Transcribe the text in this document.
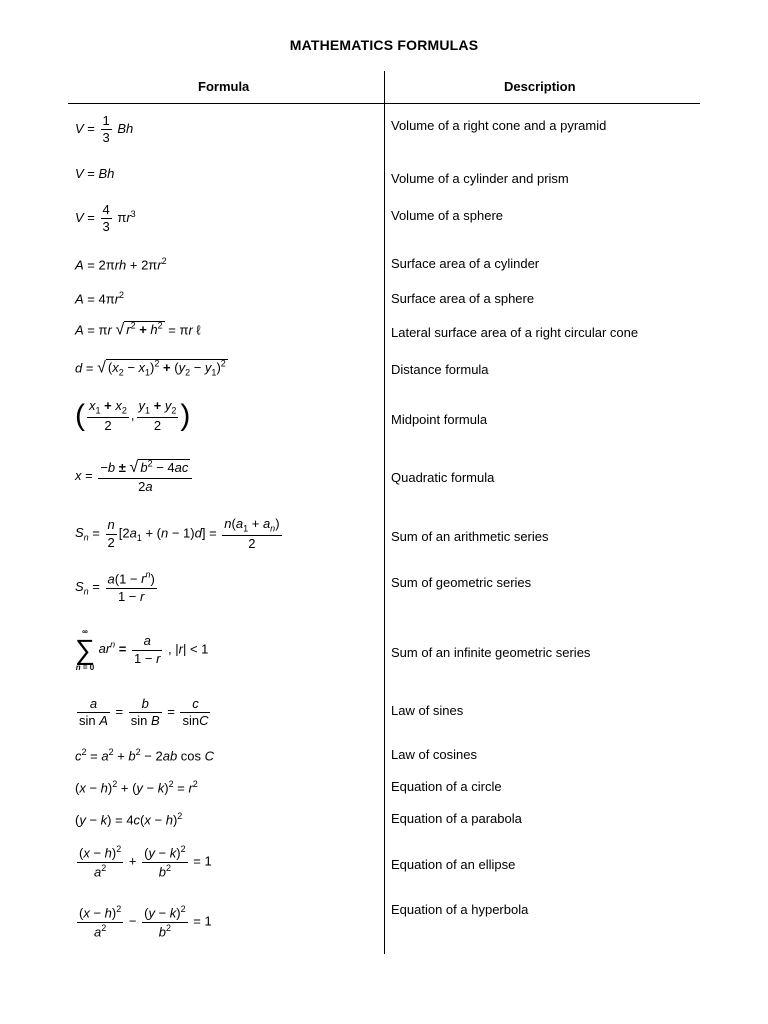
MATHEMATICS FORMULAS
Formula	Description
Volume of a right cone and a pyramid
Volume of a cylinder and prism
Volume of a sphere
Surface area of a cylinder
Surface area of a sphere
Lateral surface area of a right circular cone
Distance formula
Midpoint formula
Quadratic formula
Sum of an arithmetic series
Sum of geometric series
Sum of an infinite geometric series
Law of sines
Law of cosines
Equation of a circle
Equation of a parabola
Equation of an ellipse
Equation of a hyperbola
$V = \frac{1}{3}$ Bh
V = Bh
$V = \frac{4}{3} \pi r^3$
$A = 2\pi rh + 2\pi r^2$
$A = 4\pi r^2$
A = πr √ $r^2 + h^2 = \pi r$ ℓ
d = √ $(x_2 - x_1)^2 + (y_2 - y_1)^2$
( $\frac{x_1 + x_2}{2}$ , $\frac{y_1 + y_2}{2}$ )
$x = \frac{-b \pm √ b^2 - 4ac}{2a}$
$S_n = \frac{n}{2} [2a_1 + (n - 1)d] = \frac{n(a_1 + a_n)}{2}$
$S_n = \frac{a(1 - r^n)}{1 - r}$
∞
∑
n = 0
$ar^n = \frac{a}{1 - r}$ , |r| < 1
$\frac{a}{\text{sin A}} = \frac{b}{\text{sin B}} = \frac{c}{\sin C}$
$c^2 = a^2 + b^2 - 2ab$ cos C
$(x - h)^2 + (y - k)^2 = r^2$
$(y - k) = 4c(x - h)^2$
$\frac{(x - h)^2}{a^2} + \frac{(y - k)^2}{b^2} = 1$
$\frac{(x - h)^2}{a^2} - \frac{(y - k)^2}{b^2} = 1$
